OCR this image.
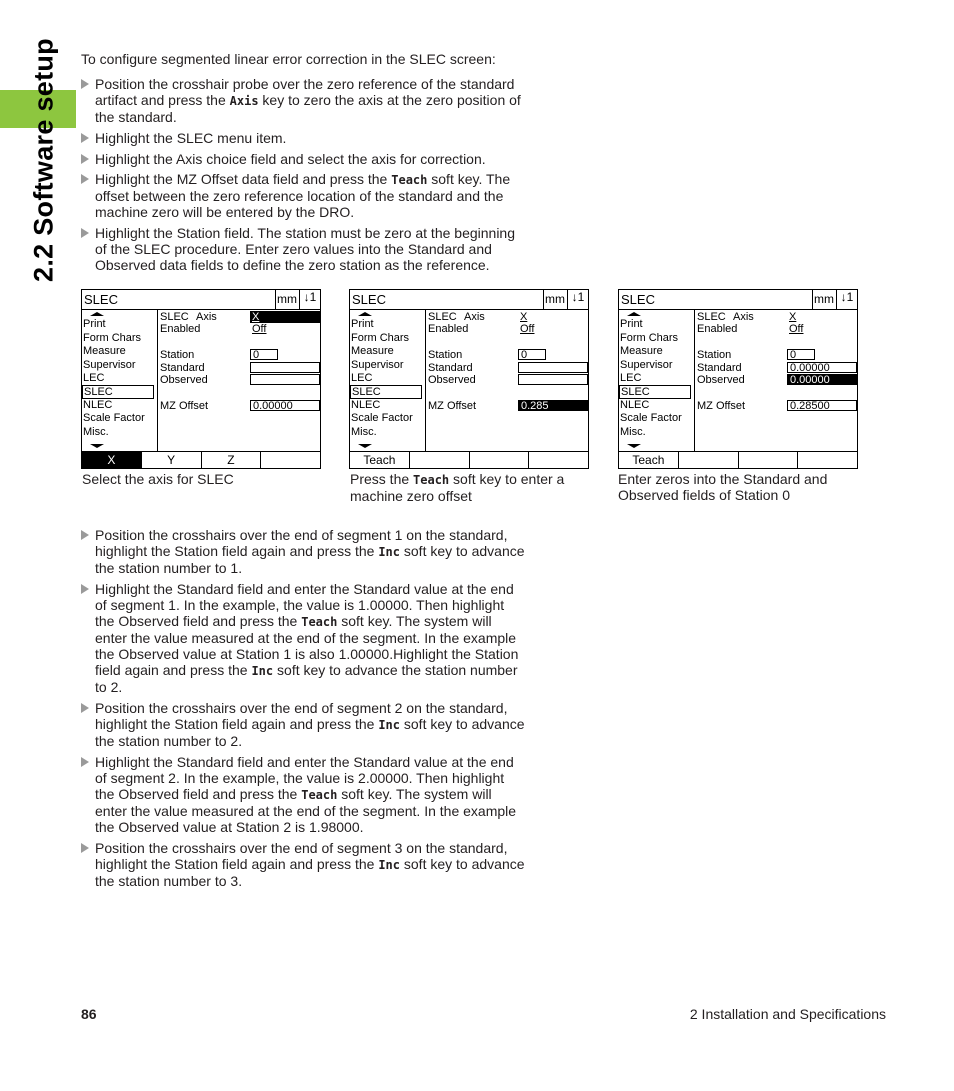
2.2 Software setup To configure segmented linear error correction in the SLEC screen:

Position the crosshair probe over the zero reference of the standard artifact and press the Axis key to zero the axis at the zero position of the standard.
Highlight the SLEC menu item.
Highlight the Axis choice field and select the axis for correction.
Highlight the MZ Offset data field and press the Teach soft key. The offset between the zero reference location of the standard and the machine zero will be entered by the DRO.
Highlight the Station field. The station must be zero at the beginning of the SLEC procedure. Enter zero values into the Standard and Observed data fields to define the zero station as the reference.
SLEC	mm ↓1
Print
Form Chars
Measure
Supervisor
LEC
SLEC
NLEC
Scale Factor
Misc.
SLEC Axis	X
Enabled	Off
Station	0
Standard
Observed
MZ Offset	0.00000
X	Y	Z

Select the axis for SLEC

SLEC	mm ↓1
Print
Form Chars
Measure
Supervisor
LEC
SLEC
NLEC
Scale Factor
Misc.
SLEC Axis	X
Enabled	Off
Station	0
Standard
Observed
MZ Offset	0.285
Teach

Press the Teach soft key to enter a machine zero offset

SLEC	mm ↓1
Print
Form Chars
Measure
Supervisor
LEC
SLEC
NLEC
Scale Factor
Misc.
SLEC Axis	X
Enabled	Off
Station	0
Standard	0.00000
Observed	0.00000
MZ Offset	0.28500
Teach

Enter zeros into the Standard and Observed fields of Station 0

Position the crosshairs over the end of segment 1 on the standard, highlight the Station field again and press the Inc soft key to advance the station number to 1.
Highlight the Standard field and enter the Standard value at the end of segment 1. In the example, the value is 1.00000. Then highlight the Observed field and press the Teach soft key. The system will enter the value measured at the end of the segment. In the example the Observed value at Station 1 is also 1.00000.Highlight the Station field again and press the Inc soft key to advance the station number to 2.
Position the crosshairs over the end of segment 2 on the standard, highlight the Station field again and press the Inc soft key to advance the station number to 2.
Highlight the Standard field and enter the Standard value at the end of segment 2. In the example, the value is 2.00000. Then highlight the Observed field and press the Teach soft key. The system will enter the value measured at the end of the segment. In the example the Observed value at Station 2 is 1.98000.
Position the crosshairs over the end of segment 3 on the standard, highlight the Station field again and press the Inc soft key to advance the station number to 3.
86	2 Installation and Specifications
